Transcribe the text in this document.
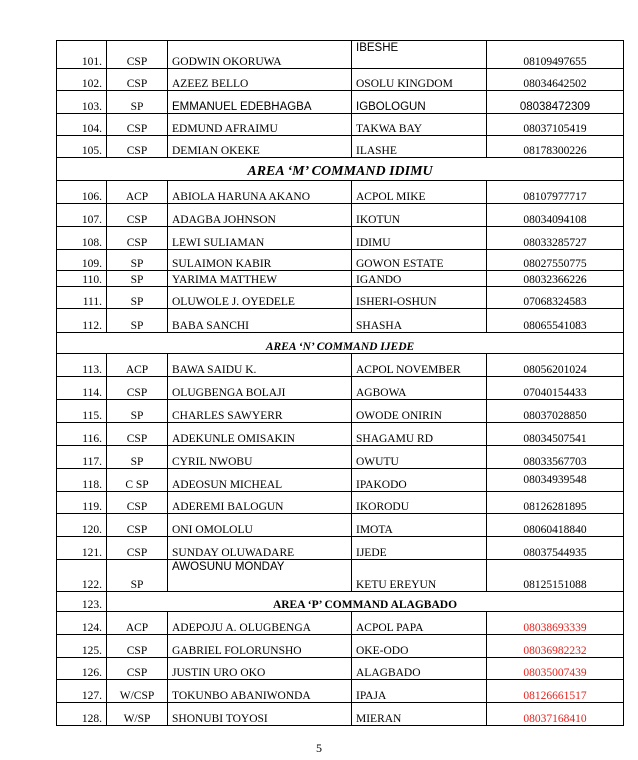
101.	CSP	GODWIN OKORUWA	IBESHE	08109497655
102.	CSP	AZEEZ BELLO	OSOLU KINGDOM	08034642502
103.	SP	EMMANUEL EDEBHAGBA	IGBOLOGUN	08038472309
104.	CSP	EDMUND AFRAIMU	TAKWA BAY	08037105419
105.	CSP	DEMIAN OKEKE	ILASHE	08178300226
AREA ‘M’ COMMAND IDIMU				
106.	ACP	ABIOLA HARUNA AKANO	ACPOL MIKE	08107977717
107.	CSP	ADAGBA JOHNSON	IKOTUN	08034094108
108.	CSP	LEWI SULIAMAN	IDIMU	08033285727
109.	SP	SULAIMON KABIR	GOWON ESTATE	08027550775
110.	SP	YARIMA MATTHEW	IGANDO	08032366226
111.	SP	OLUWOLE J. OYEDELE	ISHERI-OSHUN	07068324583
112.	SP	BABA SANCHI	SHASHA	08065541083
AREA ‘N’ COMMAND IJEDE				
113.	ACP	BAWA SAIDU K.	ACPOL NOVEMBER	08056201024
114.	CSP	OLUGBENGA BOLAJI	AGBOWA	07040154433
115.	SP	CHARLES SAWYERR	OWODE ONIRIN	08037028850
116.	CSP	ADEKUNLE OMISAKIN	SHAGAMU RD	08034507541
117.	SP	CYRIL NWOBU	OWUTU	08033567703
118.	C SP	ADEOSUN MICHEAL	IPAKODO	08034939548
119.	CSP	ADEREMI BALOGUN	IKORODU	08126281895
120.	CSP	ONI OMOLOLU	IMOTA	08060418840
121.	CSP	SUNDAY OLUWADARE	IJEDE	08037544935
122.	SP	AWOSUNU MONDAY	KETU EREYUN	08125151088
123.	AREA ‘P’ COMMAND ALAGBADO			
124.	ACP	ADEPOJU A. OLUGBENGA	ACPOL PAPA	08038693339
125.	CSP	GABRIEL FOLORUNSHO	OKE-ODO	08036982232
126.	CSP	JUSTIN URO OKO	ALAGBADO	08035007439
127.	W/CSP	TOKUNBO ABANIWONDA	IPAJA	08126661517
128.	W/SP	SHONUBI TOYOSI	MIERAN	08037168410
5
